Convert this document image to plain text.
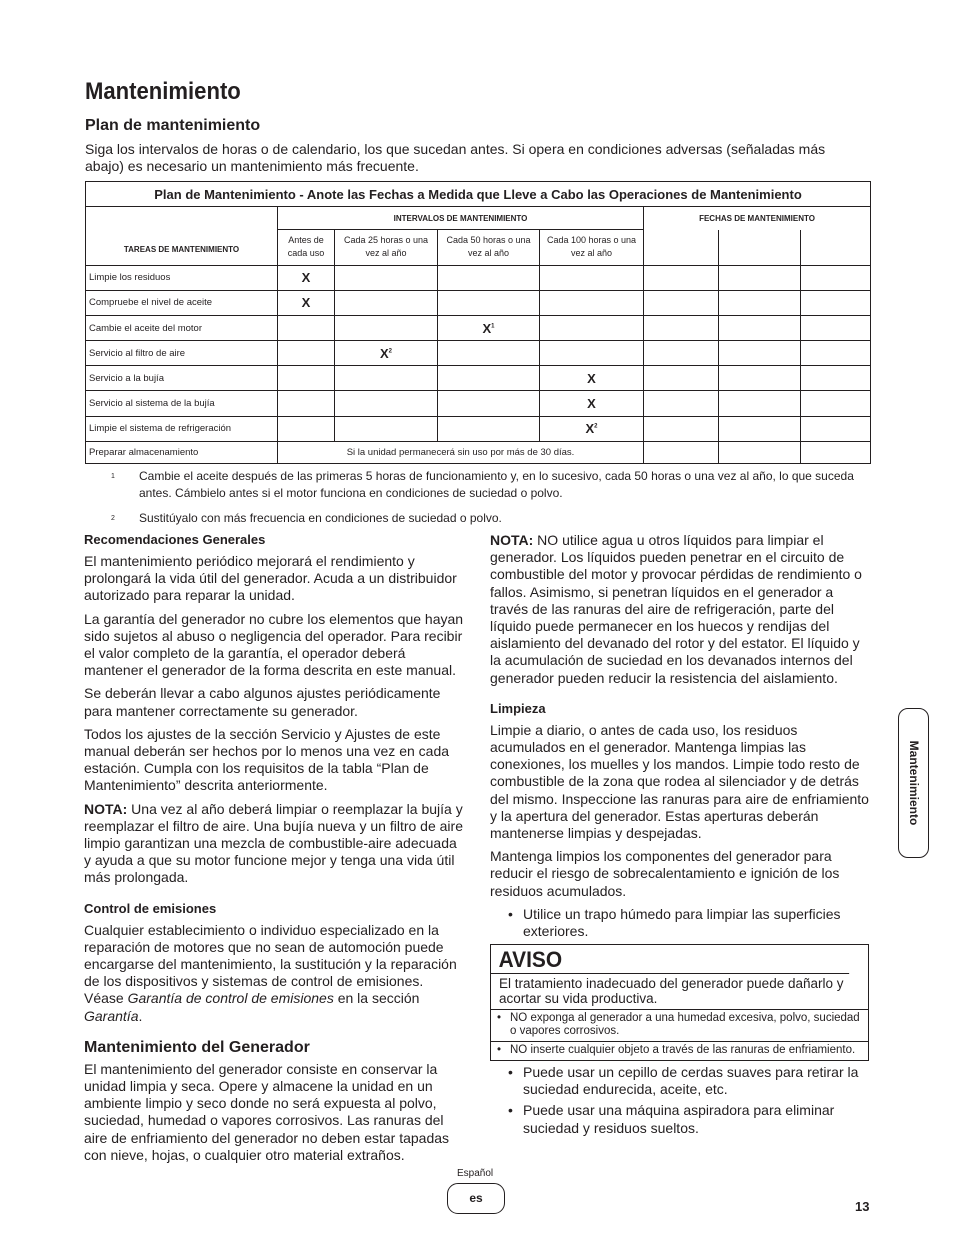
Mantenimiento
Plan de mantenimiento
Siga los intervalos de horas o de calendario, los que sucedan antes. Si opera en condiciones adversas (señaladas más abajo) es necesario un mantenimiento más frecuente.
Plan de Mantenimiento - Anote las Fechas a Medida que Lleve a Cabo las Operaciones de Mantenimiento							
TAREAS DE MANTENIMIENTO	INTERVALOS DE MANTENIMIENTO				FECHAS DE MANTENIMIENTO		
	Antes de cada uso	Cada 25 horas o una vez al año	Cada 50 horas o una vez al año	Cada 100 horas o una vez al año			
Limpie los residuos	X						
Compruebe el nivel de aceite	X						
Cambie el aceite del motor			$X^1$				
Servicio al filtro de aire		$X^2$					
Servicio a la bujía				X			
Servicio al sistema de la bujía				X			
Limpie el sistema de refrigeración				$X^2$			
Preparar almacenamiento	Si la unidad permanecerá sin uso por más de 30 días.						
1 Cambie el aceite después de las primeras 5 horas de funcionamiento y, en lo sucesivo, cada 50 horas o una vez al año, lo que suceda antes. Cámbielo antes si el motor funciona en condiciones de suciedad o polvo.
2 Sustitúyalo con más frecuencia en condiciones de suciedad o polvo.
Recomendaciones Generales
El mantenimiento periódico mejorará el rendimiento y prolongará la vida útil del generador. Acuda a un distribuidor autorizado para reparar la unidad.
La garantía del generador no cubre los elementos que hayan sido sujetos al abuso o negligencia del operador. Para recibir el valor completo de la garantía, el operador deberá mantener el generador de la forma descrita en este manual.
Se deberán llevar a cabo algunos ajustes periódicamente para mantener correctamente su generador.
Todos los ajustes de la sección Servicio y Ajustes de este manual deberán ser hechos por lo menos una vez en cada estación. Cumpla con los requisitos de la tabla “Plan de Mantenimiento” descrita anteriormente.
NOTA: Una vez al año deberá limpiar o reemplazar la bujía y reemplazar el filtro de aire. Una bujía nueva y un filtro de aire limpio garantizan una mezcla de combustible-aire adecuada y ayuda a que su motor funcione mejor y tenga una vida útil más prolongada.
Control de emisiones
Cualquier establecimiento o individuo especializado en la reparación de motores que no sean de automoción puede encargarse del mantenimiento, la sustitución y la reparación de los dispositivos y sistemas de control de emisiones. Véase Garantía de control de emisiones en la sección Garantía.
Mantenimiento del Generador
El mantenimiento del generador consiste en conservar la unidad limpia y seca. Opere y almacene la unidad en un ambiente limpio y seco donde no será expuesta al polvo, suciedad, humedad o vapores corrosivos. Las ranuras del aire de enfriamiento del generador no deben estar tapadas con nieve, hojas, o cualquier otro material extraños.
NOTA: NO utilice agua u otros líquidos para limpiar el generador. Los líquidos pueden penetrar en el circuito de combustible del motor y provocar pérdidas de rendimiento o fallos. Asimismo, si penetran líquidos en el generador a través de las ranuras del aire de refrigeración, parte del líquido puede permanecer en los huecos y rendijas del aislamiento del devanado del rotor y del estator. El líquido y la acumulación de suciedad en los devanados internos del generador pueden reducir la resistencia del aislamiento.
Limpieza
Limpie a diario, o antes de cada uso, los residuos acumulados en el generador. Mantenga limpias las conexiones, los muelles y los mandos. Limpie todo resto de combustible de la zona que rodea al silenciador y de detrás del mismo. Inspeccione las ranuras para aire de enfriamiento y la apertura del generador. Estas aperturas deberán mantenerse limpias y despejadas.
Mantenga limpios los componentes del generador para reducir el riesgo de sobrecalentamiento e ignición de los residuos acumulados.
• Utilice un trapo húmedo para limpiar las superficies exteriores.
AVISO
El tratamiento inadecuado del generador puede dañarlo y acortar su vida productiva.
• NO exponga al generador a una humedad excesiva, polvo, suciedad o vapores corrosivos.
• NO inserte cualquier objeto a través de las ranuras de enfriamiento.
• Puede usar un cepillo de cerdas suaves para retirar la suciedad endurecida, aceite, etc.
• Puede usar una máquina aspiradora para eliminar suciedad y residuos sueltos.
Mantenimiento
Español
es
13
